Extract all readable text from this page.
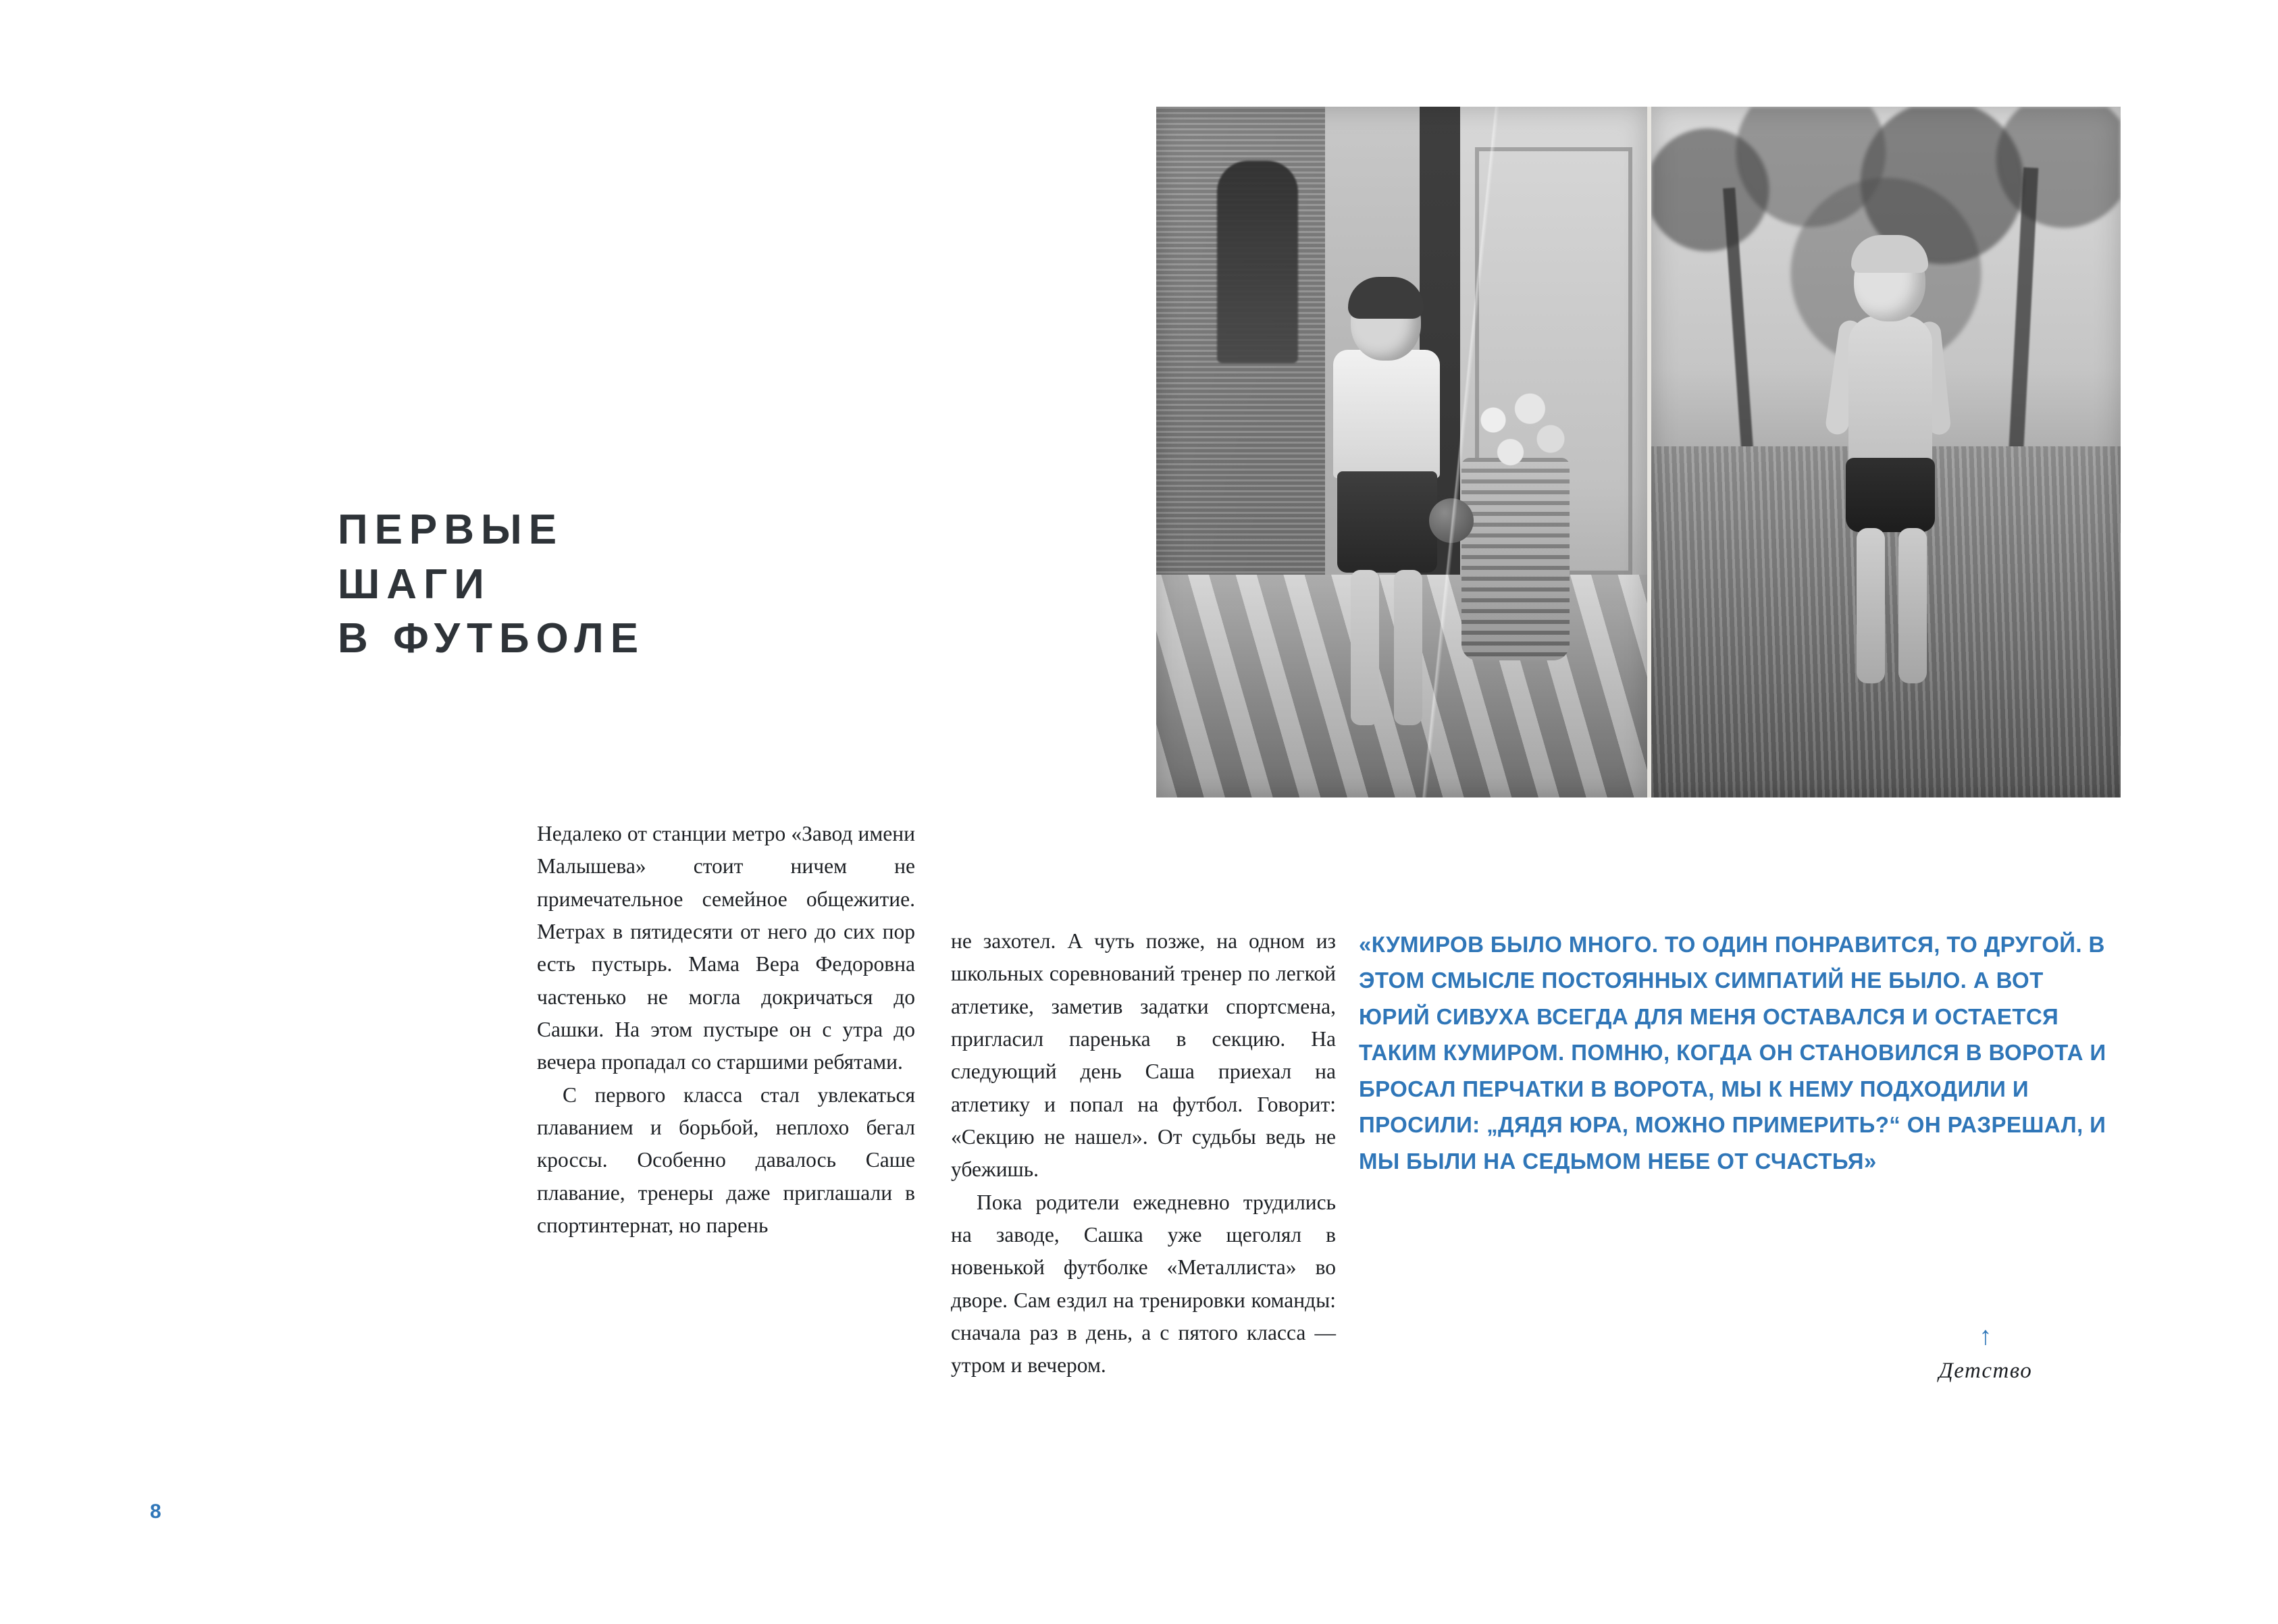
ПЕРВЫЕ
ШАГИ
В ФУТБОЛЕ

Недалеко от станции метро «Завод имени Малышева» стоит ничем не примечательное семейное общежитие. Метрах в пятидесяти от него до сих пор есть пустырь. Мама Вера Федоровна частенько не могла докричаться до Сашки. На этом пустыре он с утра до вечера пропадал со старшими ребятами.

С первого класса стал увлекаться плаванием и борьбой, неплохо бегал кроссы. Особенно давалось Саше плавание, тренеры даже приглашали в спортинтернат, но парень

не захотел. А чуть позже, на одном из школьных соревнований тренер по легкой атлетике, заметив задатки спортсмена, пригласил паренька в секцию. На следующий день Саша приехал на атлетику и попал на футбол. Говорит: «Секцию не нашел». От судьбы ведь не убежишь.

Пока родители ежедневно трудились на заводе, Сашка уже щеголял в новенькой футболке «Металлиста» во дворе. Сам ездил на тренировки команды: сначала раз в день, а с пятого класса — утром и вечером.

«КУМИРОВ БЫЛО МНОГО. ТО ОДИН ПОНРАВИТСЯ, ТО ДРУГОЙ. В ЭТОМ СМЫСЛЕ ПОСТОЯННЫХ СИМПАТИЙ НЕ БЫЛО. А ВОТ ЮРИЙ СИВУХА ВСЕГДА ДЛЯ МЕНЯ ОСТАВАЛСЯ И ОСТАЕТСЯ ТАКИМ КУМИРОМ. ПОМНЮ, КОГДА ОН СТАНОВИЛСЯ В ВОРОТА И БРОСАЛ ПЕРЧАТКИ В ВОРОТА, МЫ К НЕМУ ПОДХОДИЛИ И ПРОСИЛИ: „ДЯДЯ ЮРА, МОЖНО ПРИМЕРИТЬ?“ ОН РАЗРЕШАЛ, И МЫ БЫЛИ НА СЕДЬМОМ НЕБЕ ОТ СЧАСТЬЯ»
↑
Детство
8
